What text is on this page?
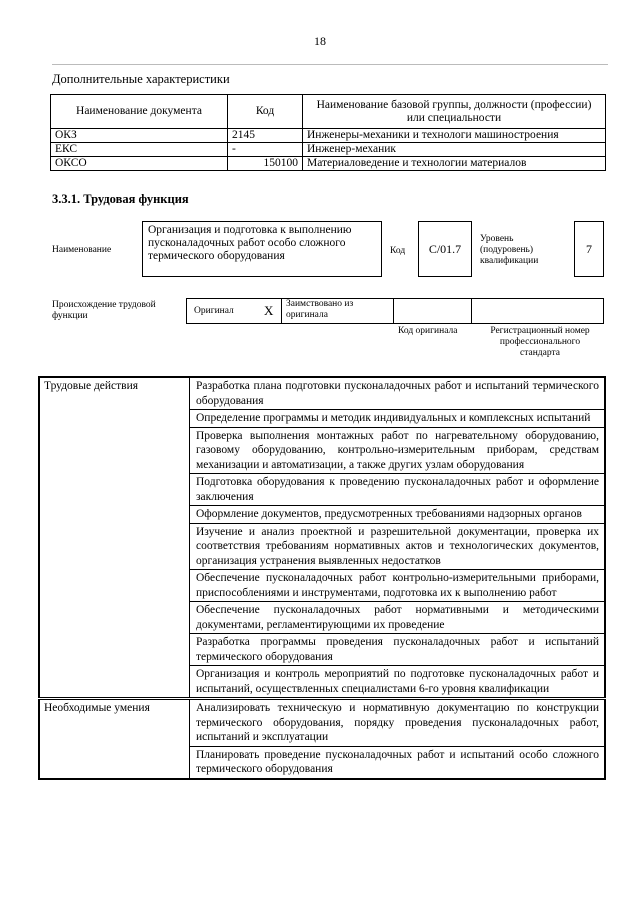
18
Дополнительные характеристики
Наименование документа	Код	Наименование базовой группы, должности (профессии) или специальности
ОКЗ	2145	Инженеры-механики и технологи машиностроения
ЕКС	-	Инженер-механик
ОКСО	150100	Материаловедение и технологии материалов
3.3.1. Трудовая функция
Наименование
Организация и подготовка к выполнению пусконаладочных работ особо сложного термического оборудования	Код С/01.7
Уровень (подуровень) квалификации
7
Происхождение трудовой функции	Оригинал X Заимствовано из оригинала
Код оригинала	Регистрационный номер профессионального стандарта
Трудовые действия	Разработка плана подготовки пусконаладочных работ и испытаний термического оборудования
	Определение программы и методик индивидуальных и комплексных испытаний
	Проверка выполнения монтажных работ по нагревательному оборудованию, газовому оборудованию, контрольно-измерительным приборам, средствам механизации и автоматизации, а также других узлам оборудования
	Подготовка оборудования к проведению пусконаладочных работ и оформление заключения
	Оформление документов, предусмотренных требованиями надзорных органов
	Изучение и анализ проектной и разрешительной документации, проверка их соответствия требованиям нормативных актов и технологических документов, организация устранения выявленных недостатков
	Обеспечение пусконаладочных работ контрольно-измерительными приборами, приспособлениями и инструментами, подготовка их к выполнению работ
	Обеспечение пусконаладочных работ нормативными и методическими документами, регламентирующими их проведение
	Разработка программы проведения пусконаладочных работ и испытаний термического оборудования
	Организация и контроль мероприятий по подготовке пусконаладочных работ и испытаний, осуществленных специалистами 6-го уровня квалификации
Необходимые умения	Анализировать техническую и нормативную документацию по конструкции термического оборудования, порядку проведения пусконаладочных работ, испытаний и эксплуатации
	Планировать проведение пусконаладочных работ и испытаний особо сложного термического оборудования
